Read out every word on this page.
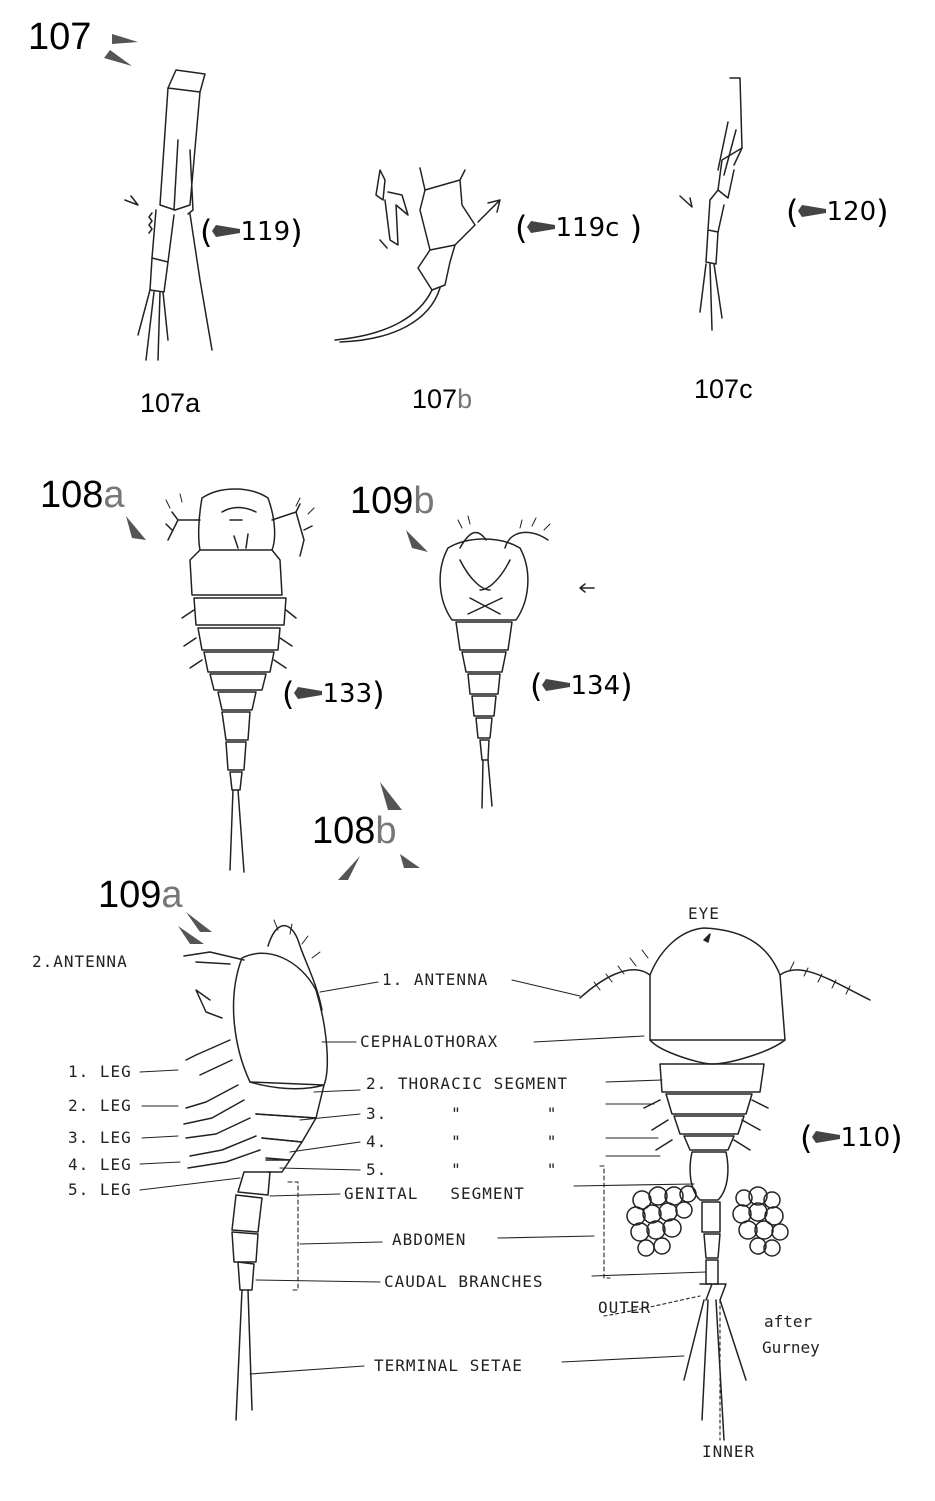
107
107a	107b	107c
108a	109b
108b
109a
( 119)	( 119c )	( 120)
( 133)	( 134)
( 110)
2.ANTENNA
EYE
1. ANTENNA
CEPHALOTHORAX
1. LEG
2. LEG
3. LEG
4. LEG
5. LEG
2. THORACIC SEGMENT
3.      "        "
4.      "        "
5.      "        "
GENITAL   SEGMENT
ABDOMEN
CAUDAL BRANCHES
OUTER
TERMINAL SETAE
INNER
after
Gurney
